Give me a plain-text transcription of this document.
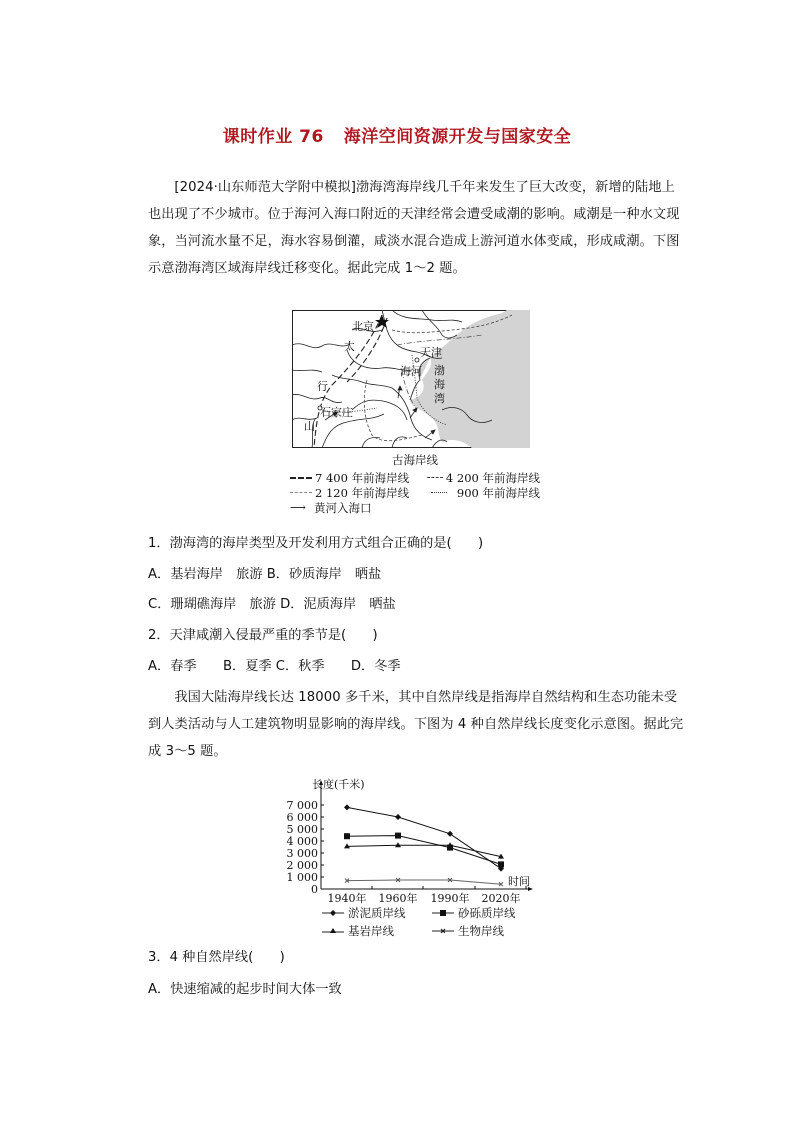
课时作业 76 海洋空间资源开发与国家安全
[2024·山东师范大学附中模拟]渤海湾海岸线几千年来发生了巨大改变，新增的陆地上也出现了不少城市。位于海河入海口附近的天津经常会遭受咸潮的影响。咸潮是一种水文现象，当河流水量不足，海水容易倒灌，咸淡水混合造成上游河道水体变咸，形成咸潮。下图示意渤海湾区域海岸线迁移变化。据此完成 1～2 题。
北京
天津
海河
石家庄
太
行
山
渤
海
湾
古海岸线
7 400 年前海岸线	4 200 年前海岸线
2 120 年前海岸线	900 年前海岸线
⟶ 黄河入海口
1．渤海湾的海岸类型及开发利用方式组合正确的是(　　)
A．基岩海岸　旅游 B．砂质海岸　晒盐
C．珊瑚礁海岸　旅游 D．泥质海岸　晒盐
2．天津咸潮入侵最严重的季节是(　　)
A．春季　　B．夏季 C．秋季　　D．冬季
我国大陆海岸线长达 18000 多千米，其中自然岸线是指海岸自然结构和生态功能未受到人类活动与人工建筑物明显影响的海岸线。下图为 4 种自然岸线长度变化示意图。据此完成 3～5 题。
长度(千米)
时间
0
1 000
2 000
3 000
4 000
5 000
6 000
7 000
1940年 1960年 1990年 2020年
淤泥质岸线	砂砾质岸线
基岩岸线	生物岸线
3．4 种自然岸线(　　)
A．快速缩减的起步时间大体一致
